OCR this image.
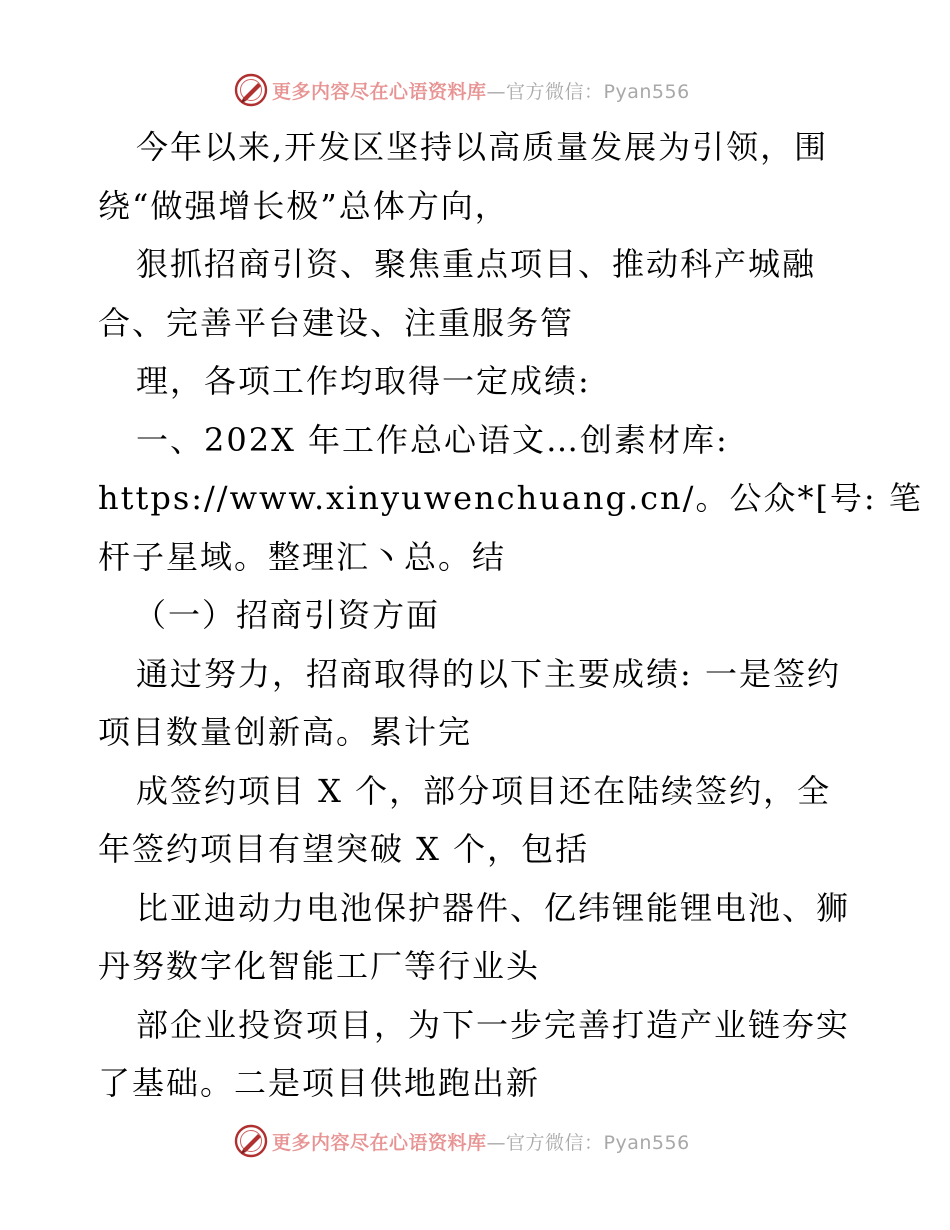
更多内容尽在心语资料库—官方微信：Pyan556
今年以来,开发区坚持以高质量发展为引领，围
绕“做强增长极”总体方向，
狠抓招商引资、聚焦重点项目、推动科产城融
合、完善平台建设、注重服务管
理，各项工作均取得一定成绩:
一、202X 年工作总心语文…创素材库:
https://www.xinyuwenchuang.cn/。公众*[号: 笔
杆子星域。整理汇丶总。结
（一）招商引资方面
通过努力，招商取得的以下主要成绩: 一是签约
项目数量创新高。累计完
成签约项目 X 个，部分项目还在陆续签约，全
年签约项目有望突破 X 个，包括
比亚迪动力电池保护器件、亿纬锂能锂电池、狮
丹努数字化智能工厂等行业头
部企业投资项目，为下一步完善打造产业链夯实
了基础。二是项目供地跑出新
更多内容尽在心语资料库—官方微信：Pyan556
